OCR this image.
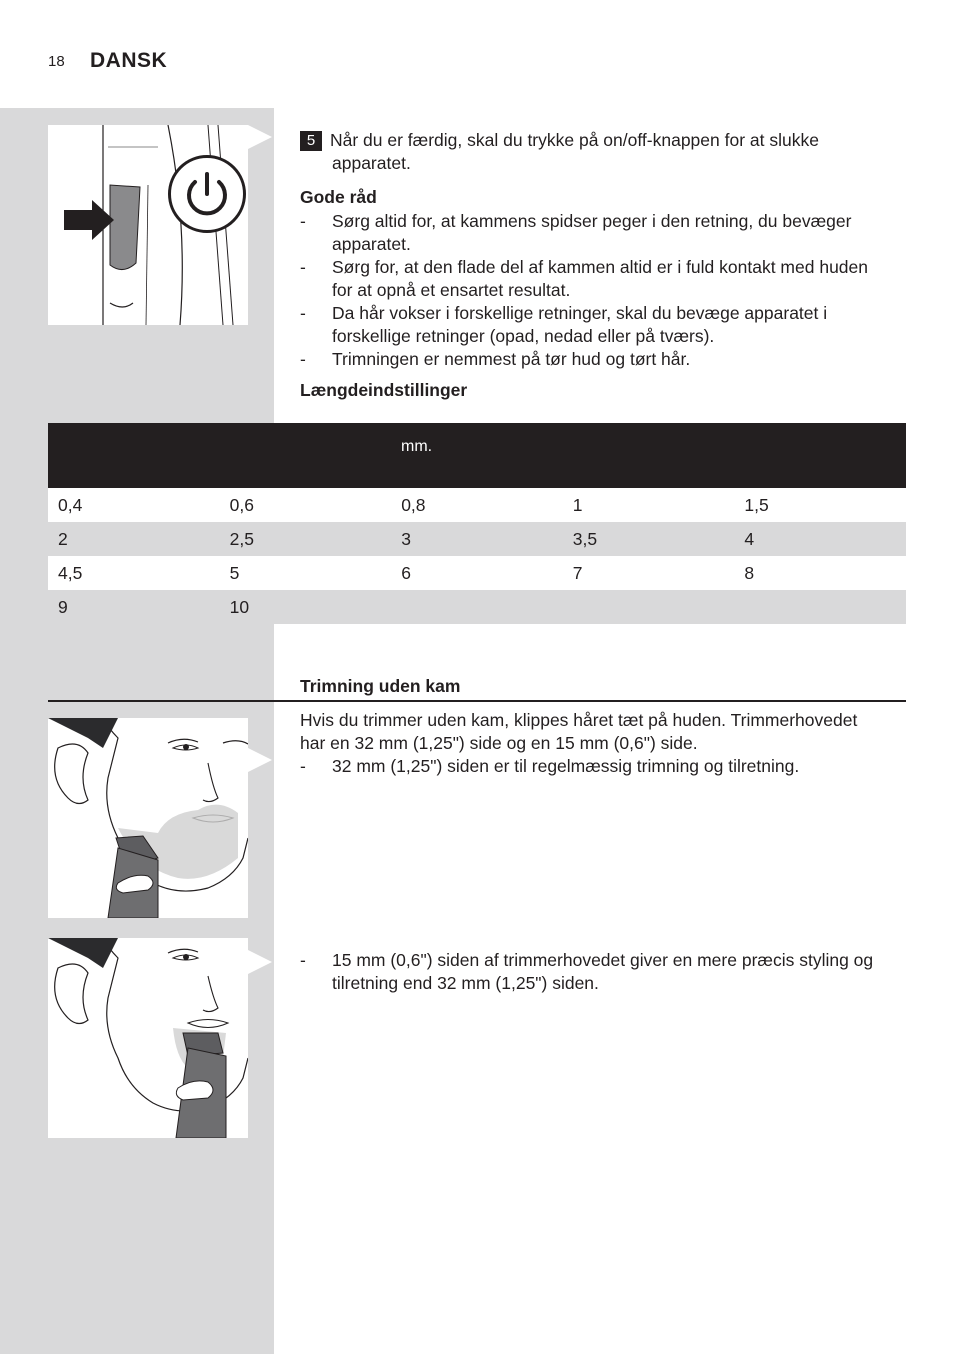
18 DANSK
5 Når du er færdig, skal du trykke på on/off-knappen for at slukke
apparatet.
Gode råd
- Sørg altid for, at kammens spidser peger i den retning, du bevæger
apparatet.
- Sørg for, at den flade del af kammen altid er i fuld kontakt med huden
for at opnå et ensartet resultat.
- Da hår vokser i forskellige retninger, skal du bevæge apparatet i
forskellige retninger (opad, nedad eller på tværs).
- Trimningen er nemmest på tør hud og tørt hår.
Længdeindstillinger
mm.				
0,4	0,6	0,8	1	1,5
2	2,5	3	3,5	4
4,5	5	6	7	8
9	10			
Trimning uden kam
Hvis du trimmer uden kam, klippes håret tæt på huden. Trimmerhovedet
har en 32 mm (1,25") side og en 15 mm (0,6") side.
- 32 mm (1,25") siden er til regelmæssig trimning og tilretning.
- 15 mm (0,6") siden af trimmerhovedet giver en mere præcis styling og
tilretning end 32 mm (1,25") siden.
